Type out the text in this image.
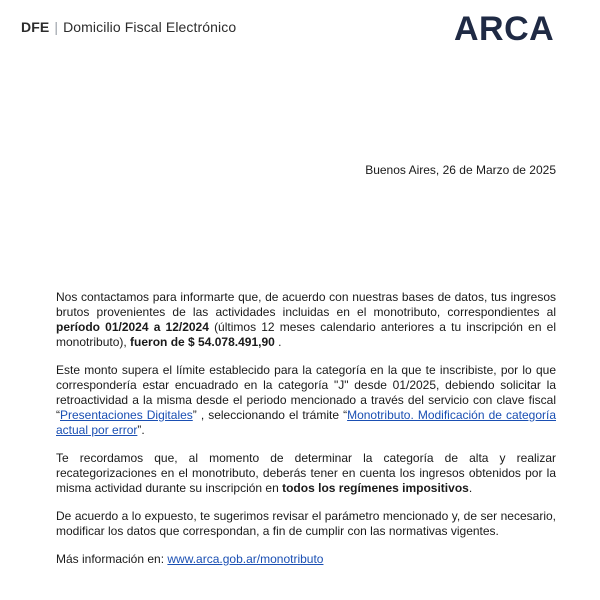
DFE | Domicilio Fiscal Electrónico	ARCA
Buenos Aires, 26 de Marzo de 2025

Nos contactamos para informarte que, de acuerdo con nuestras bases de datos, tus ingresos brutos provenientes de las actividades incluidas en el monotributo, correspondientes al período 01/2024 a 12/2024 (últimos 12 meses calendario anteriores a tu inscripción en el monotributo), fueron de $ 54.078.491,90 .

Este monto supera el límite establecido para la categoría en la que te inscribiste, por lo que correspondería estar encuadrado en la categoría "J" desde 01/2025, debiendo solicitar la retroactividad a la misma desde el periodo mencionado a través del servicio con clave fiscal “Presentaciones Digitales” , seleccionando el trámite “Monotributo. Modificación de categoría actual por error”.

Te recordamos que, al momento de determinar la categoría de alta y realizar recategorizaciones en el monotributo, deberás tener en cuenta los ingresos obtenidos por la misma actividad durante su inscripción en todos los regímenes impositivos.

De acuerdo a lo expuesto, te sugerimos revisar el parámetro mencionado y, de ser necesario, modificar los datos que correspondan, a fin de cumplir con las normativas vigentes.

Más información en: www.arca.gob.ar/monotributo
